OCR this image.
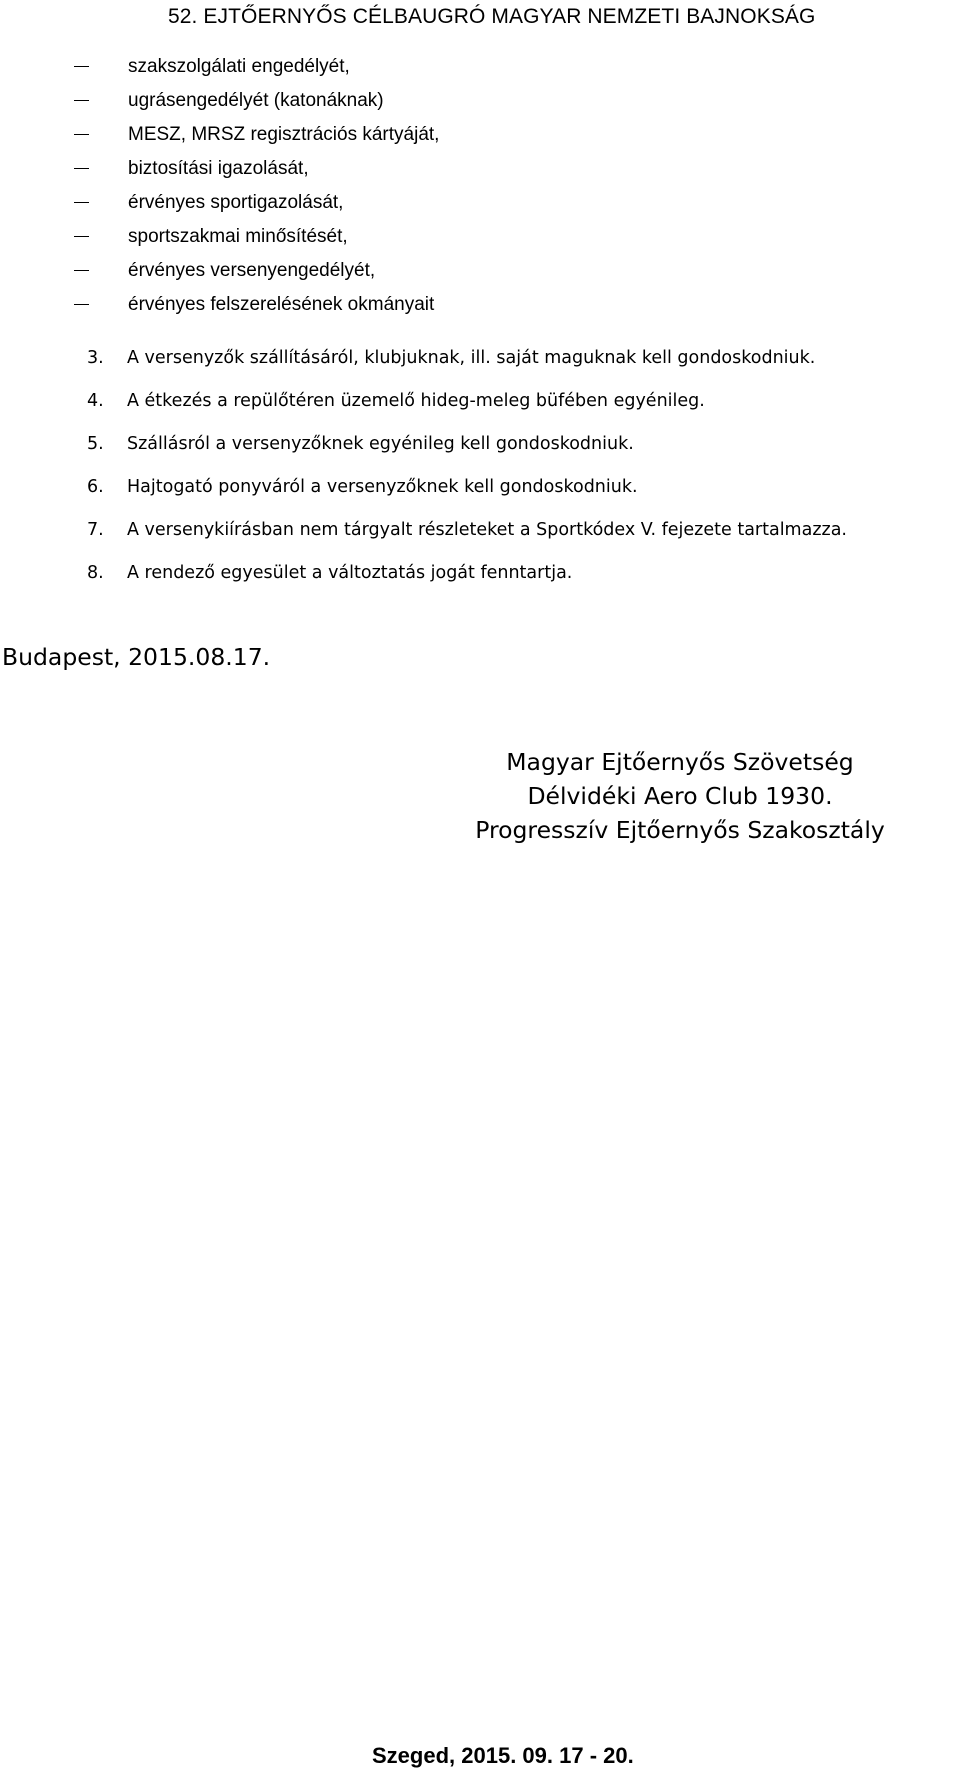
52. EJTŐERNYŐS CÉLBAUGRÓ MAGYAR NEMZETI BAJNOKSÁG
szakszolgálati engedélyét,
ugrásengedélyét (katonáknak)
MESZ, MRSZ regisztrációs kártyáját,
biztosítási igazolását,
érvényes sportigazolását,
sportszakmai minősítését,
érvényes versenyengedélyét,
érvényes felszerelésének okmányait
3.	A versenyzők szállításáról, klubjuknak, ill. saját maguknak kell gondoskodniuk.
4.	A étkezés a repülőtéren üzemelő hideg-meleg büfében egyénileg.
5.	Szállásról a versenyzőknek egyénileg kell gondoskodniuk.
6.	Hajtogató ponyváról a versenyzőknek kell gondoskodniuk.
7.	A versenykiírásban nem tárgyalt részleteket a Sportkódex V. fejezete tartalmazza.
8.	A rendező egyesület a változtatás jogát fenntartja.
Budapest, 2015.08.17.
Magyar Ejtőernyős Szövetség
Délvidéki Aero Club 1930.
Progresszív Ejtőernyős Szakosztály
Szeged, 2015. 09. 17 - 20.
